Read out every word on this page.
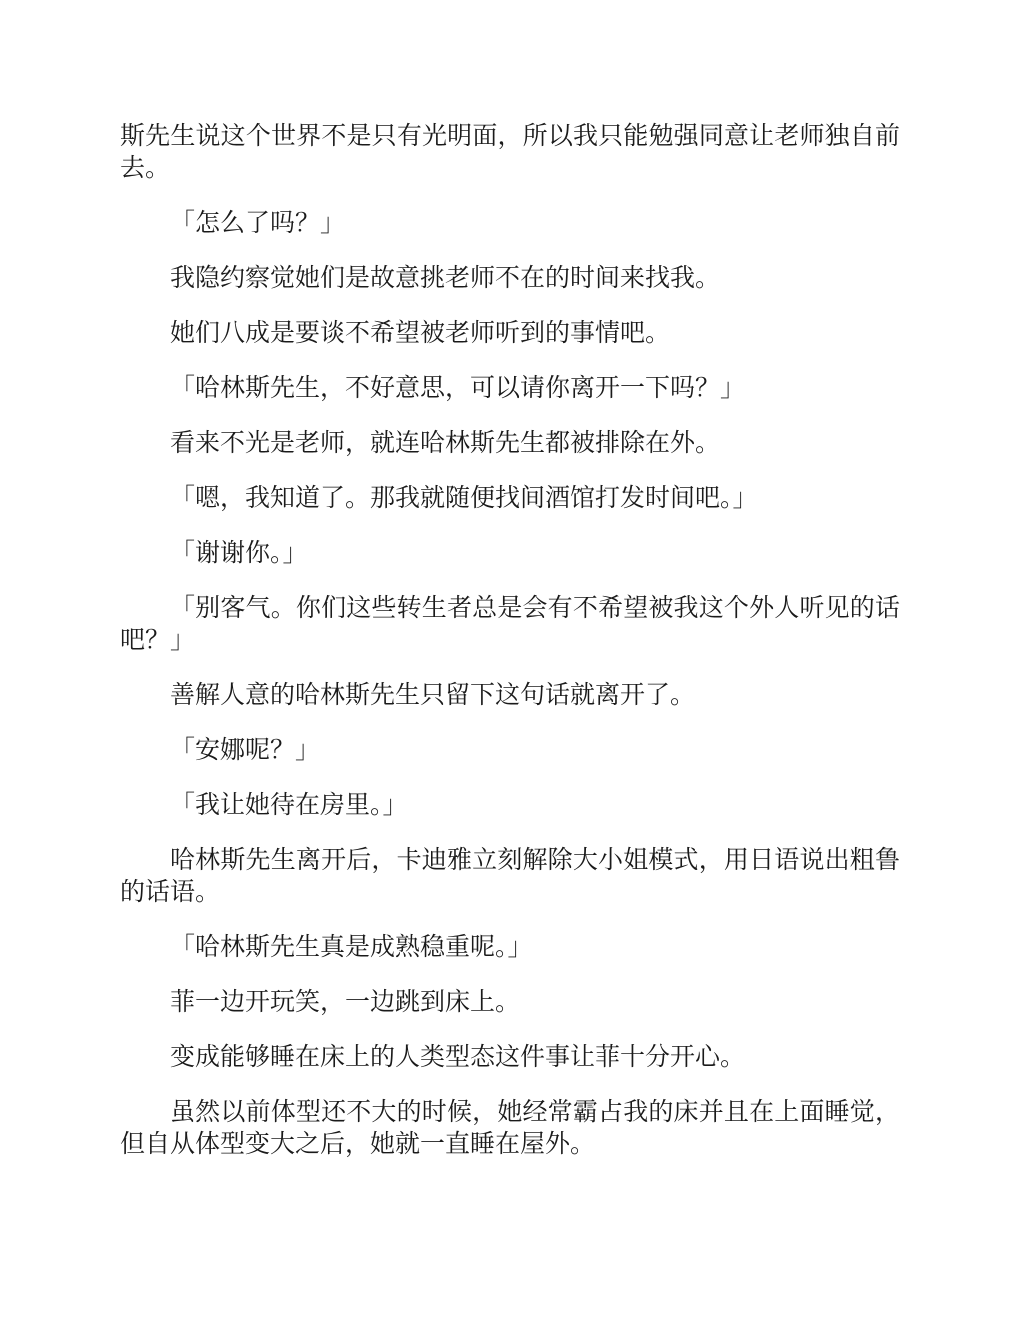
斯先生说这个世界不是只有光明面，所以我只能勉强同意让老师独自前去。

「怎么了吗？」

我隐约察觉她们是故意挑老师不在的时间来找我。

她们八成是要谈不希望被老师听到的事情吧。

「哈林斯先生，不好意思，可以请你离开一下吗？」

看来不光是老师，就连哈林斯先生都被排除在外。

「嗯，我知道了。那我就随便找间酒馆打发时间吧。」

「谢谢你。」

「别客气。你们这些转生者总是会有不希望被我这个外人听见的话吧？」

善解人意的哈林斯先生只留下这句话就离开了。

「安娜呢？」

「我让她待在房里。」

哈林斯先生离开后，卡迪雅立刻解除大小姐模式，用日语说出粗鲁的话语。

「哈林斯先生真是成熟稳重呢。」

菲一边开玩笑，一边跳到床上。

变成能够睡在床上的人类型态这件事让菲十分开心。

虽然以前体型还不大的时候，她经常霸占我的床并且在上面睡觉，但自从体型变大之后，她就一直睡在屋外。
